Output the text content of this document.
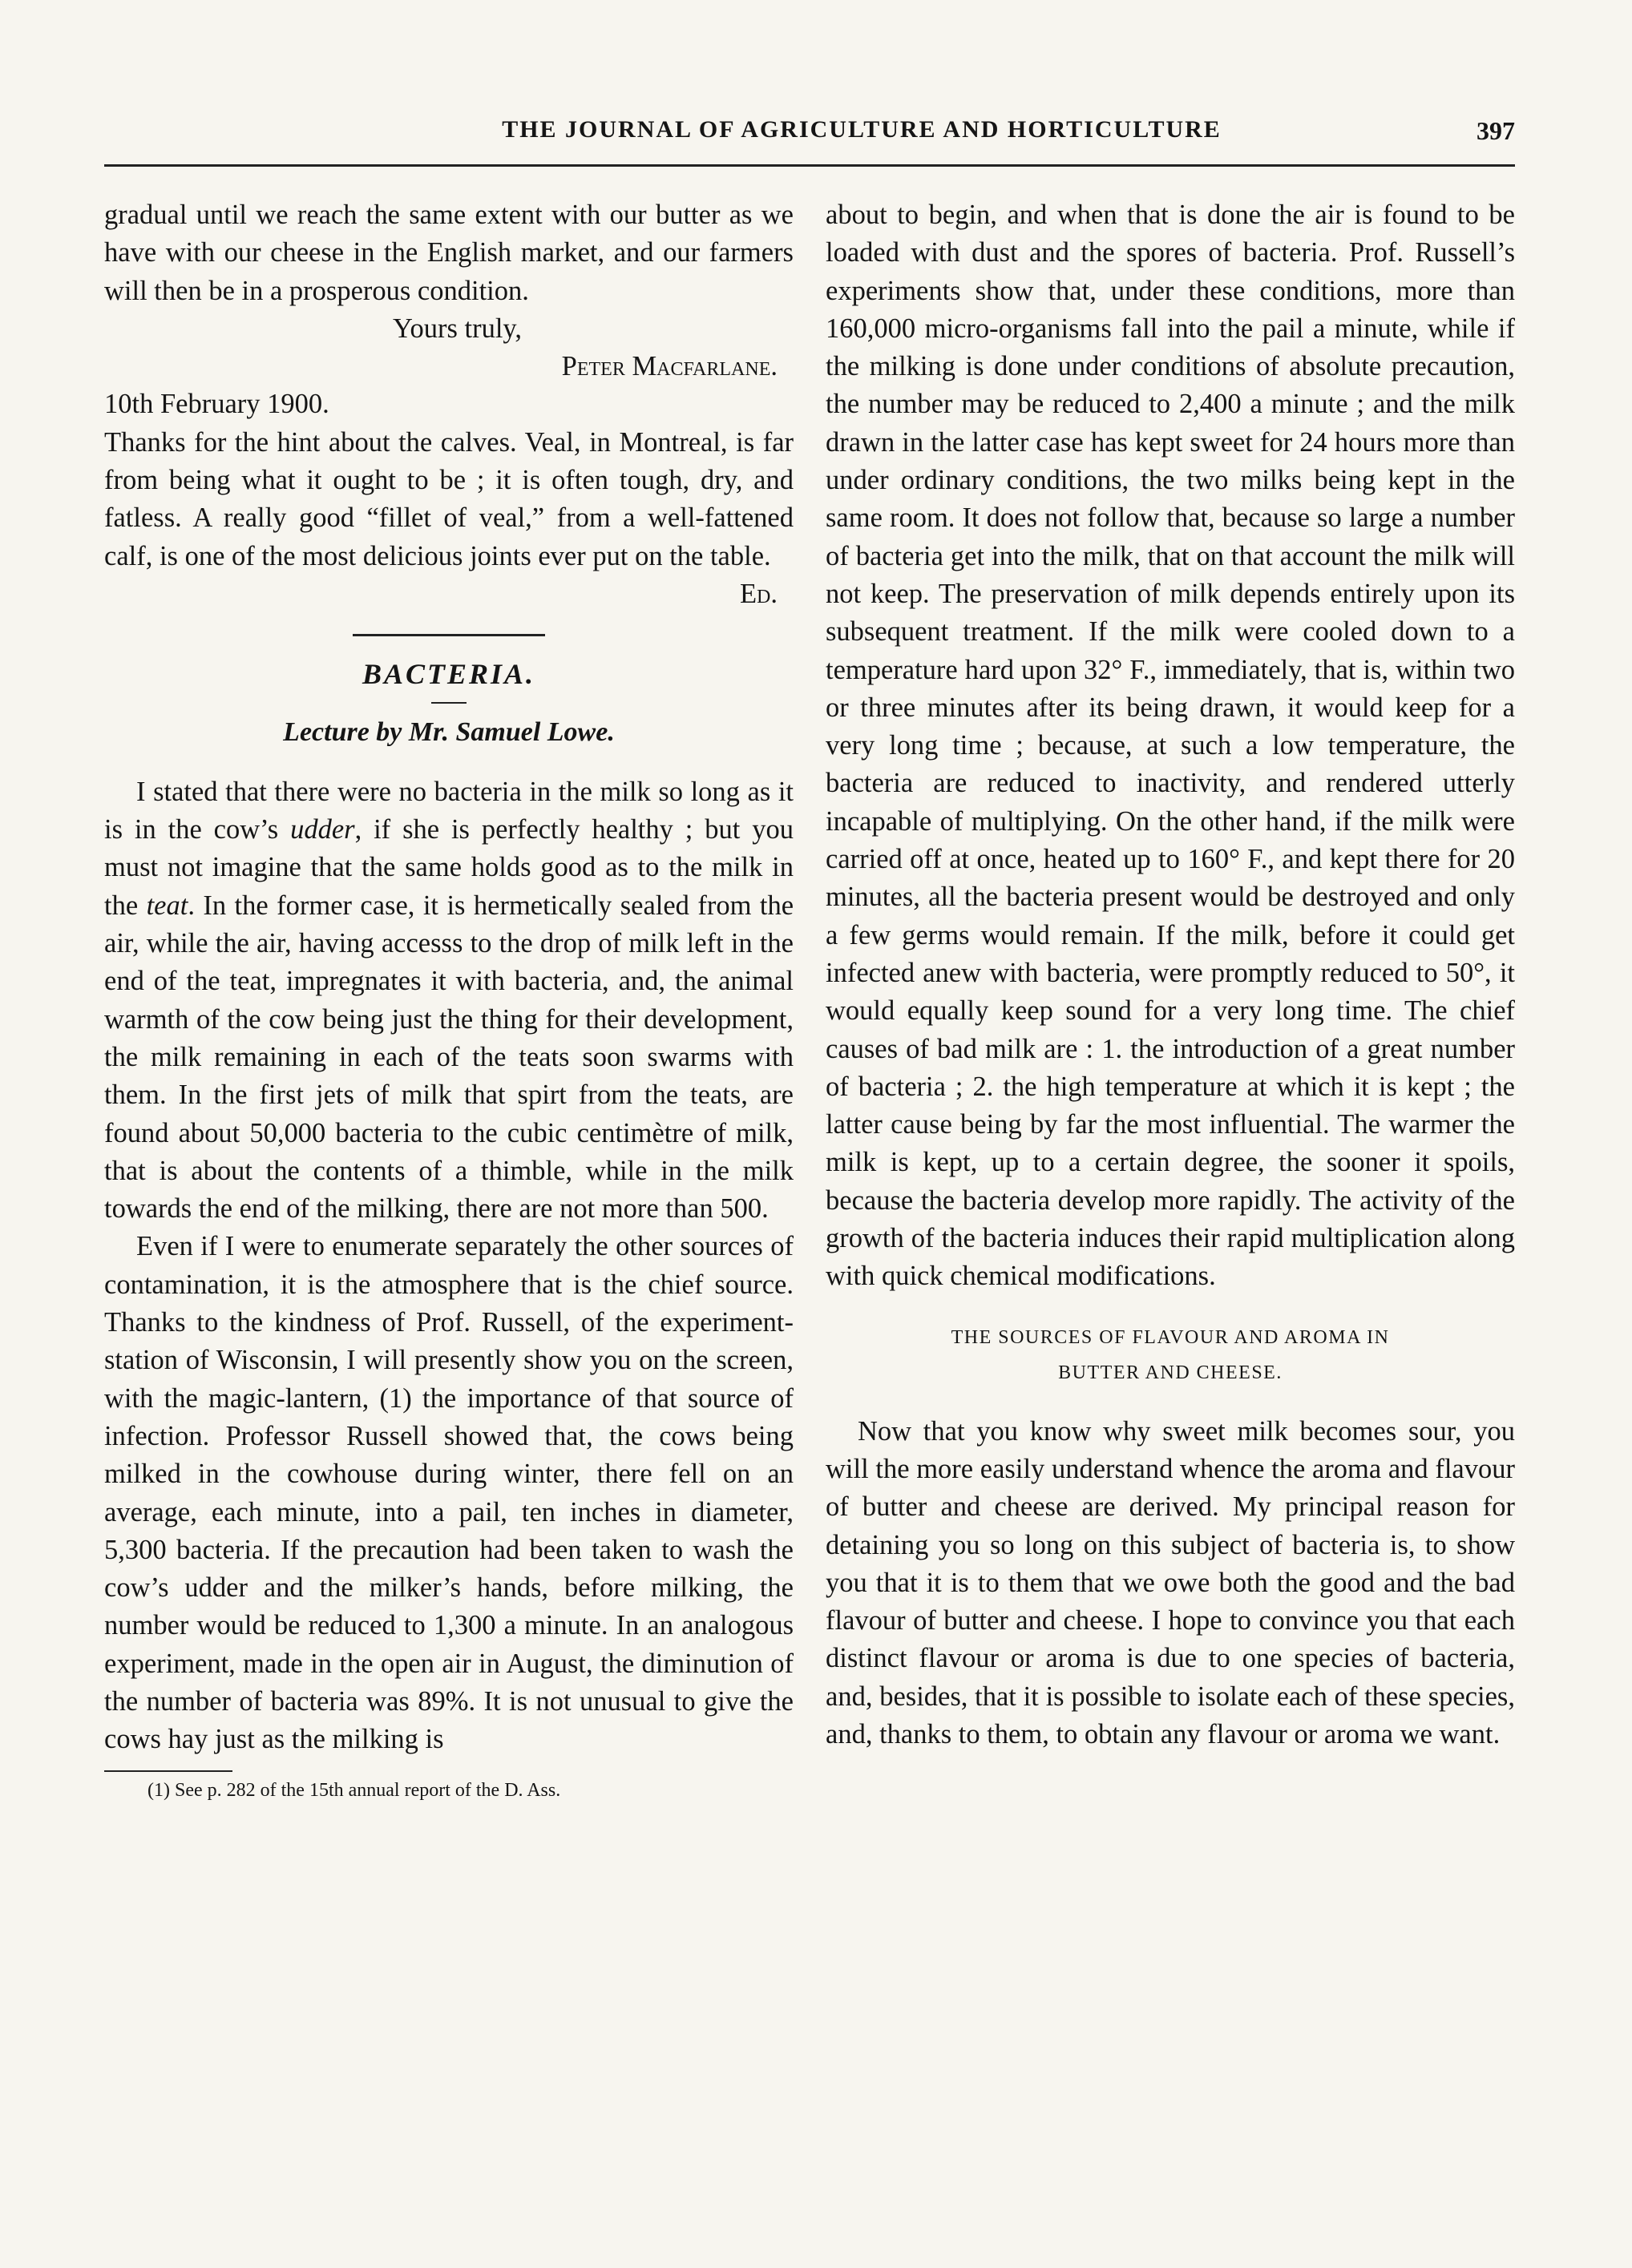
THE JOURNAL OF AGRICULTURE AND HORTICULTURE	397

gradual until we reach the same extent with our butter as we have with our cheese in the English market, and our farmers will then be in a prosperous condition.

Yours truly,

Peter Macfarlane.

10th February 1900.

Thanks for the hint about the calves. Veal, in Montreal, is far from being what it ought to be ; it is often tough, dry, and fatless. A really good “fillet of veal,” from a well-fattened calf, is one of the most delicious joints ever put on the table.

Ed.

BACTERIA.
Lecture by Mr. Samuel Lowe.

I stated that there were no bacteria in the milk so long as it is in the cow’s udder, if she is perfectly healthy ; but you must not imagine that the same holds good as to the milk in the teat. In the former case, it is hermetically sealed from the air, while the air, having accesss to the drop of milk left in the end of the teat, impregnates it with bacteria, and, the animal warmth of the cow being just the thing for their development, the milk remaining in each of the teats soon swarms with them. In the first jets of milk that spirt from the teats, are found about 50,000 bacteria to the cubic centimètre of milk, that is about the contents of a thimble, while in the milk towards the end of the milking, there are not more than 500.

Even if I were to enumerate separately the other sources of contamination, it is the atmosphere that is the chief source. Thanks to the kindness of Prof. Russell, of the experiment-station of Wisconsin, I will presently show you on the screen, with the magic-lantern, (1) the importance of that source of infection. Professor Russell showed that, the cows being milked in the cowhouse during winter, there fell on an average, each minute, into a pail, ten inches in diameter, 5,300 bacteria. If the precaution had been taken to wash the cow’s udder and the milker’s hands, before milking, the number would be reduced to 1,300 a minute. In an analogous experiment, made in the open air in August, the diminution of the number of bacteria was 89%. It is not unusual to give the cows hay just as the milking is

(1) See p. 282 of the 15th annual report of the D. Ass.

about to begin, and when that is done the air is found to be loaded with dust and the spores of bacteria. Prof. Russell’s experiments show that, under these conditions, more than 160,000 micro-organisms fall into the pail a minute, while if the milking is done under conditions of absolute precaution, the number may be reduced to 2,400 a minute ; and the milk drawn in the latter case has kept sweet for 24 hours more than under ordinary conditions, the two milks being kept in the same room. It does not follow that, because so large a number of bacteria get into the milk, that on that account the milk will not keep. The preservation of milk depends entirely upon its subsequent treatment. If the milk were cooled down to a temperature hard upon 32° F., immediately, that is, within two or three minutes after its being drawn, it would keep for a very long time ; because, at such a low temperature, the bacteria are reduced to inactivity, and rendered utterly incapable of multiplying. On the other hand, if the milk were carried off at once, heated up to 160° F., and kept there for 20 minutes, all the bacteria present would be destroyed and only a few germs would remain. If the milk, before it could get infected anew with bacteria, were promptly reduced to 50°, it would equally keep sound for a very long time. The chief causes of bad milk are : 1. the introduction of a great number of bacteria ; 2. the high temperature at which it is kept ; the latter cause being by far the most influential. The warmer the milk is kept, up to a certain degree, the sooner it spoils, because the bacteria develop more rapidly. The activity of the growth of the bacteria induces their rapid multiplication along with quick chemical modifications.

THE SOURCES OF FLAVOUR AND AROMA IN
BUTTER AND CHEESE.

Now that you know why sweet milk becomes sour, you will the more easily understand whence the aroma and flavour of butter and cheese are derived. My principal reason for detaining you so long on this subject of bacteria is, to show you that it is to them that we owe both the good and the bad flavour of butter and cheese. I hope to convince you that each distinct flavour or aroma is due to one species of bacteria, and, besides, that it is possible to isolate each of these species, and, thanks to them, to obtain any flavour or aroma we want.
